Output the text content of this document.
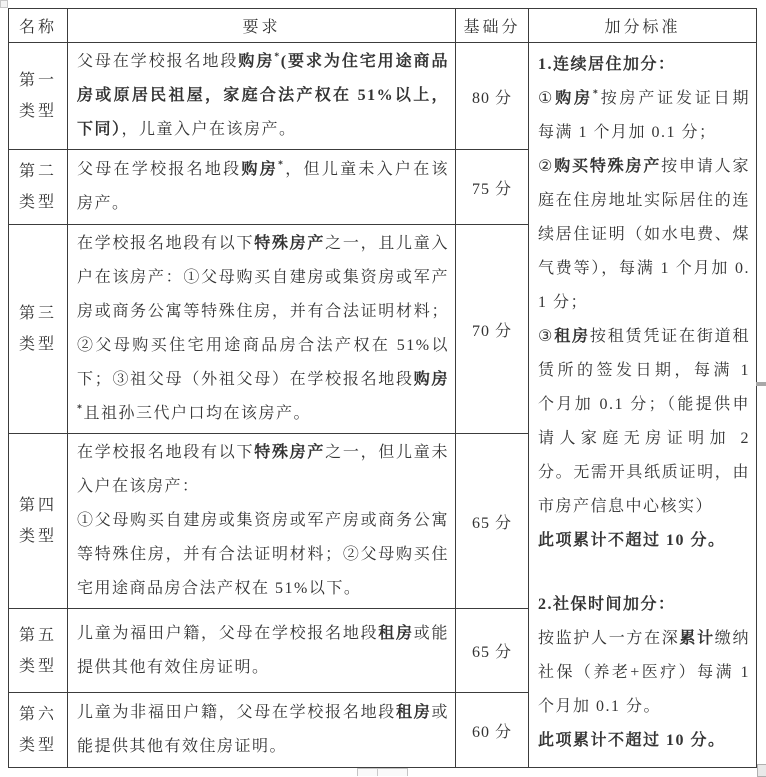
名称	要求	基础分	加分标准
第一类型	父母在学校报名地段购房*(要求为住宅用途商品房或原居民祖屋，家庭合法产权在 51%以上，下同），儿童入户在该房产。	80 分	
1.连续居住加分：
①购房*按房产证发证日期每满 1 个月加 0.1 分；
②购买特殊房产按申请人家庭在住房地址实际居住的连续居住证明（如水电费、煤气费等），每满 1 个月加 0.1 分；
③租房按租赁凭证在街道租赁所的签发日期，每满 1 个月加 0.1 分；（能提供申请人家庭无房证明加 2 分。无需开具纸质证明，由市房产信息中心核实）
此项累计不超过 10 分。
2.社保时间加分：
按监护人一方在深累计缴纳社保（养老+医疗）每满 1 个月加 0.1 分。
此项累计不超过 10 分。

第二类型	父母在学校报名地段购房*，但儿童未入户在该房产。	75 分	
第三类型	在学校报名地段有以下特殊房产之一，且儿童入户在该房产：①父母购买自建房或集资房或军产房或商务公寓等特殊住房，并有合法证明材料；②父母购买住宅用途商品房合法产权在 51%以下；③祖父母（外祖父母）在学校报名地段购房*且祖孙三代户口均在该房产。	70 分	
第四类型	在学校报名地段有以下特殊房产之一，但儿童未入户在该房产：
①父母购买自建房或集资房或军产房或商务公寓等特殊住房，并有合法证明材料；②父母购买住宅用途商品房合法产权在 51%以下。	65 分	
第五类型	儿童为福田户籍，父母在学校报名地段租房或能提供其他有效住房证明。	65 分	
第六类型	儿童为非福田户籍，父母在学校报名地段租房或能提供其他有效住房证明。	60 分	
